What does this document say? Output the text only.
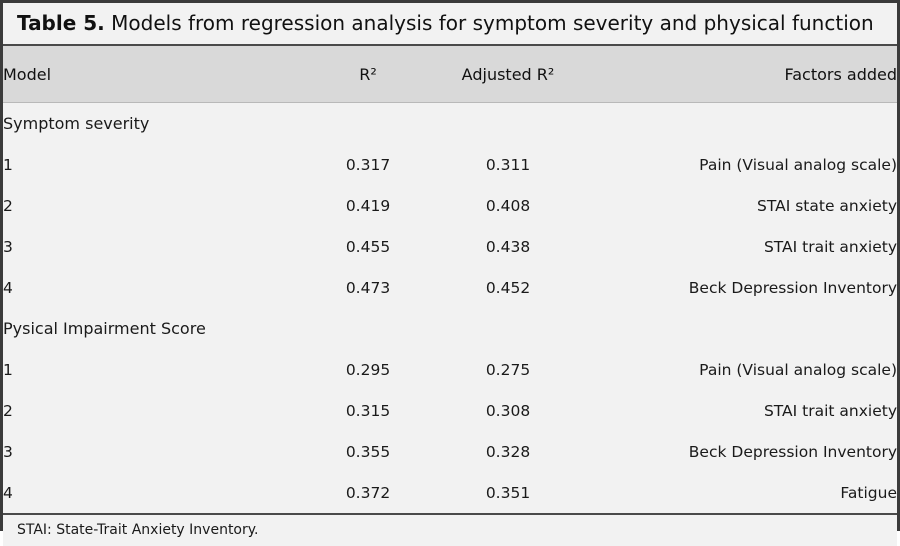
Table 5. Models from regression analysis for symptom severity and physical function
Model	R²	Adjusted R²	Factors added
Symptom severity			
1	0.317	0.311	Pain (Visual analog scale)
2	0.419	0.408	STAI state anxiety
3	0.455	0.438	STAI trait anxiety
4	0.473	0.452	Beck Depression Inventory
Pysical Impairment Score			
1	0.295	0.275	Pain (Visual analog scale)
2	0.315	0.308	STAI trait anxiety
3	0.355	0.328	Beck Depression Inventory
4	0.372	0.351	Fatigue
STAI: State-Trait Anxiety Inventory.
